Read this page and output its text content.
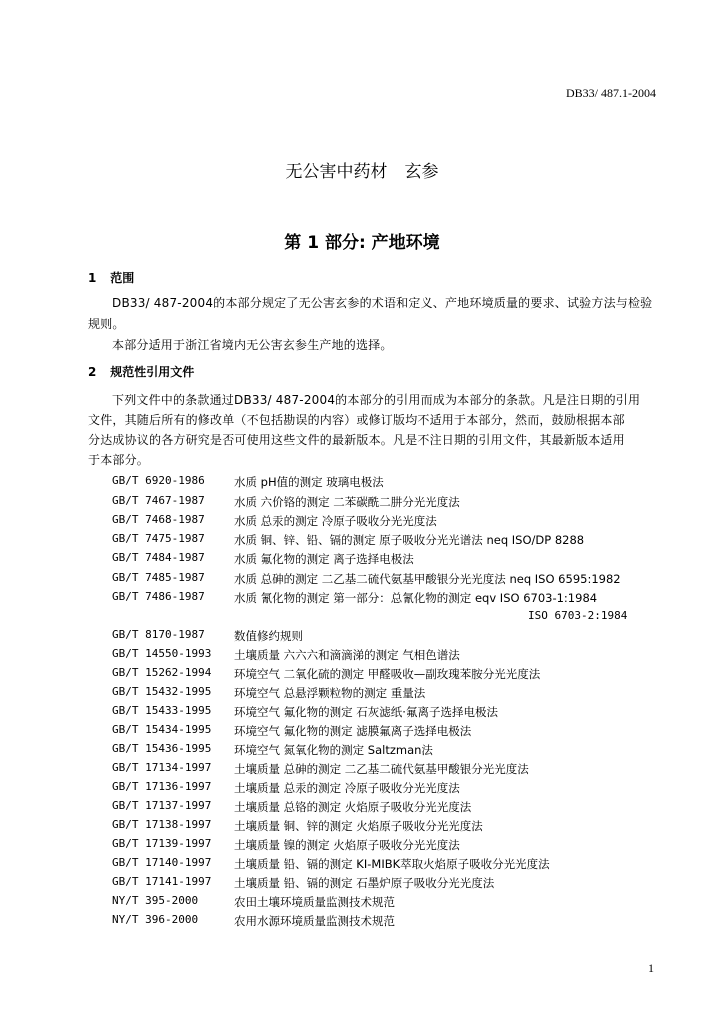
DB33/ 487.1-2004
无公害中药材　玄参
第 1 部分: 产地环境
1 范围
DB33/ 487-2004的本部分规定了无公害玄参的术语和定义、产地环境质量的要求、试验方法与检验
规则。
本部分适用于浙江省境内无公害玄参生产地的选择。
2 规范性引用文件
下列文件中的条款通过DB33/ 487-2004的本部分的引用而成为本部分的条款。凡是注日期的引用
文件，其随后所有的修改单（不包括勘误的内容）或修订版均不适用于本部分，然而，鼓励根据本部
分达成协议的各方研究是否可使用这些文件的最新版本。凡是不注日期的引用文件，其最新版本适用
于本部分。
GB/T 6920-1986	水质 pH值的测定 玻璃电极法
GB/T 7467-1987	水质 六价铬的测定 二苯碳酰二肼分光光度法
GB/T 7468-1987	水质 总汞的测定 冷原子吸收分光光度法
GB/T 7475-1987	水质 铜、锌、铅、镉的测定 原子吸收分光光谱法 neq ISO/DP 8288
GB/T 7484-1987	水质 氟化物的测定 离子选择电极法
GB/T 7485-1987	水质 总砷的测定 二乙基二硫代氨基甲酸银分光光度法 neq ISO 6595:1982
GB/T 7486-1987	水质 氰化物的测定 第一部分：总氰化物的测定 eqv ISO 6703-1:1984
ISO 6703-2:1984
GB/T 8170-1987	数值修约规则
GB/T 14550-1993 土壤质量 六六六和滴滴涕的测定 气相色谱法
GB/T 15262-1994 环境空气 二氧化硫的测定 甲醛吸收—副玫瑰苯胺分光光度法
GB/T 15432-1995 环境空气 总悬浮颗粒物的测定 重量法
GB/T 15433-1995 环境空气 氟化物的测定 石灰滤纸·氟离子选择电极法
GB/T 15434-1995 环境空气 氟化物的测定 滤膜氟离子选择电极法
GB/T 15436-1995 环境空气 氮氧化物的测定 Saltzman法
GB/T 17134-1997 土壤质量 总砷的测定 二乙基二硫代氨基甲酸银分光光度法
GB/T 17136-1997 土壤质量 总汞的测定 冷原子吸收分光光度法
GB/T 17137-1997 土壤质量 总铬的测定 火焰原子吸收分光光度法
GB/T 17138-1997 土壤质量 铜、锌的测定 火焰原子吸收分光光度法
GB/T 17139-1997 土壤质量 镍的测定 火焰原子吸收分光光度法
GB/T 17140-1997 土壤质量 铅、镉的测定 KI-MIBK萃取火焰原子吸收分光光度法
GB/T 17141-1997 土壤质量 铅、镉的测定 石墨炉原子吸收分光光度法
NY/T 395-2000	农田土壤环境质量监测技术规范
NY/T 396-2000	农用水源环境质量监测技术规范
1
